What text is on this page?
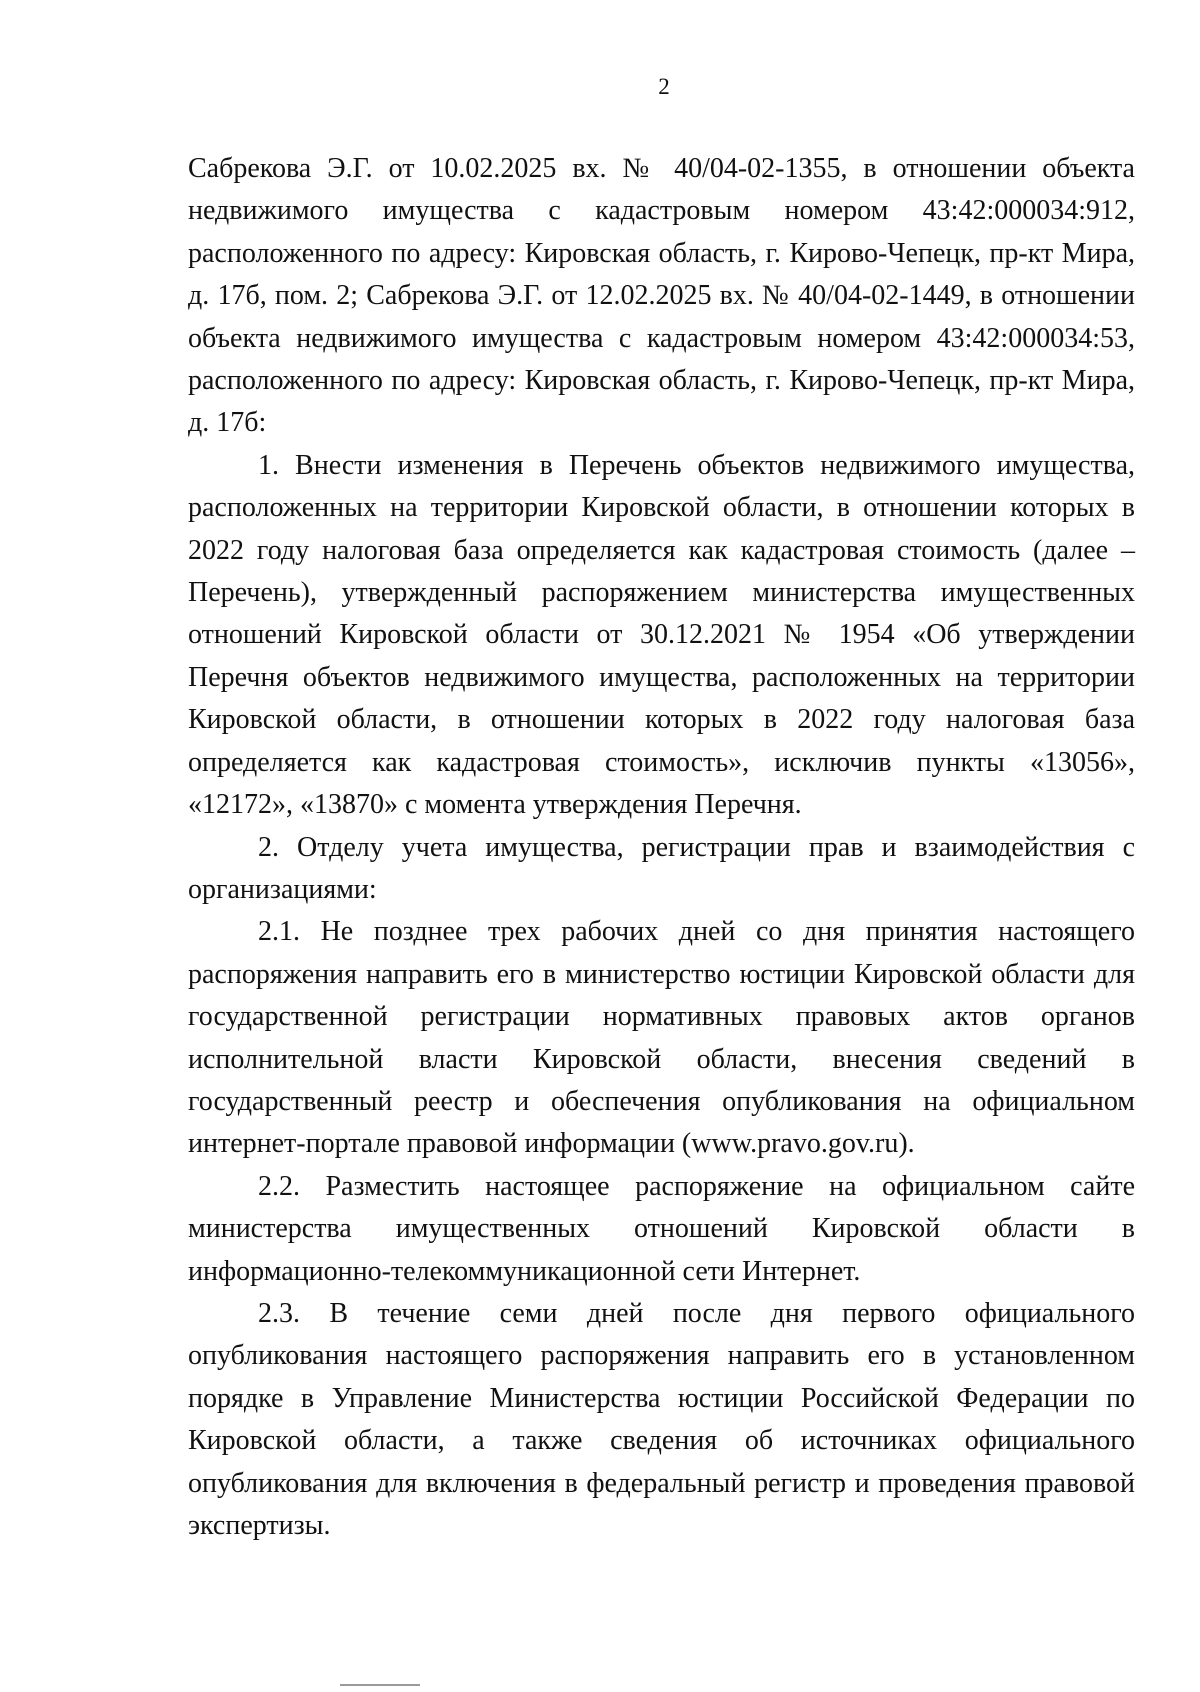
2

Сабрекова Э.Г. от 10.02.2025 вх. № 40/04-02-1355, в отношении объекта недвижимого имущества с кадастровым номером 43:42:000034:912, расположенного по адресу: Кировская область, г. Кирово-Чепецк, пр-кт Мира, д. 17б, пом. 2; Сабрекова Э.Г. от 12.02.2025 вх. № 40/04-02-1449, в отношении объекта недвижимого имущества с кадастровым номером 43:42:000034:53, расположенного по адресу: Кировская область, г. Кирово-Чепецк, пр-кт Мира, д. 17б:

1. Внести изменения в Перечень объектов недвижимого имущества, расположенных на территории Кировской области, в отношении которых в 2022 году налоговая база определяется как кадастровая стоимость (далее – Перечень), утвержденный распоряжением министерства имущественных отношений Кировской области от 30.12.2021 № 1954 «Об утверждении Перечня объектов недвижимого имущества, расположенных на территории Кировской области, в отношении которых в 2022 году налоговая база определяется как кадастровая стоимость», исключив пункты «13056», «12172», «13870» с момента утверждения Перечня.

2. Отделу учета имущества, регистрации прав и взаимодействия с организациями:

2.1. Не позднее трех рабочих дней со дня принятия настоящего распоряжения направить его в министерство юстиции Кировской области для государственной регистрации нормативных правовых актов органов исполнительной власти Кировской области, внесения сведений в государственный реестр и обеспечения опубликования на официальном интернет-портале правовой информации (www.pravo.gov.ru).

2.2. Разместить настоящее распоряжение на официальном сайте министерства имущественных отношений Кировской области в информационно-телекоммуникационной сети Интернет.

2.3. В течение семи дней после дня первого официального опубликования настоящего распоряжения направить его в установленном порядке в Управление Министерства юстиции Российской Федерации по Кировской области, а также сведения об источниках официального опубликования для включения в федеральный регистр и проведения правовой экспертизы.
